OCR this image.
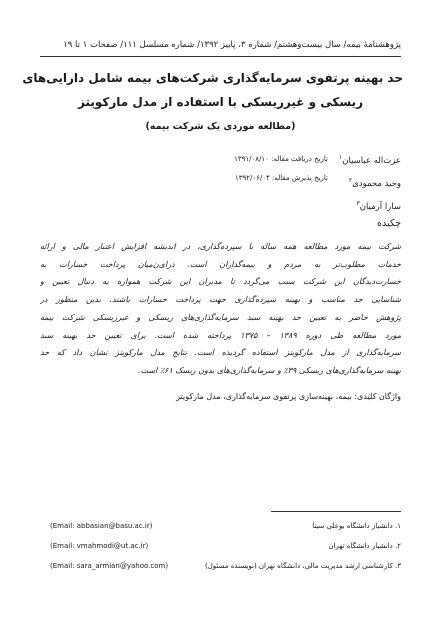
پژوهشنامهٔ بیمه/ سال بیست‌وهشتم/ شماره ۳، پاییز ۱۳۹۲/ شماره مسلسل ۱۱۱/ صفحات ۱ تا ۱۹
حد بهینه پرتفوی سرمایه‌گذاری شرکت‌های بیمه شامل دارایی‌های
ریسکی و غیرریسکی با استفاده از مدل مارکویتز
(مطالعه موردی یک شرکت بیمه)
عزت‌اله عباسیان$^۱$
وحید محمودی$^۲$
سارا آرمیان$^۳$
تاریخ دریافت مقاله: ۱۳۹۱/۰۸/۱۰
تاریخ پذیرش مقاله: ۱۳۹۲/۰۶/۰۴
چکیده
شرکت بیمه مورد مطالعه همه ساله با سپرده‌گذاری، در اندیشه افزایش اعتبار مالی و ارائه
خدمات مطلوب‌تر به مردم و بیمه‌گذاران است. درای‌ن‌میان پرداخت خسارات به
خسارت‌دیدگان این شرکت سبب می‌گردد تا مدیران این شرکت همواره به دنبال تعیین و
شناسایی حد مناسب و بهینه سپرده‌گذاری جهت پرداخت خسارات باشند. بدین منظور در
پژوهش حاضر به تعیین حد بهینه سبد سرمایه‌گذاری‌های ریسکی و غیرریسکی شرکت بیمه
مورد مطالعه طی دوره ۱۳۸۹ – ۱۳۷۵ پرداخته شده است. برای تعیین حد بهینه سبد
سرمایه‌گذاری از مدل مارکویتز استفاده گردیده است. نتایج مدل مارکویتز نشان داد که حد
بهینه سرمایه‌گذاری‌های ریسکی ۳۹٪ و سرمایه‌گذاری‌های بدون ریسک ۶۱٪ است.
واژگان کلیدی: بیمه، بهینه‌سازی پرتفوی سرمایه‌گذاری، مدل مارکویتز
۱. دانشیار دانشگاه بوعلی سینا
۲. دانشیار دانشگاه تهران
۳. کارشناسی ارشد مدیریت مالی، دانشگاه تهران (نویسنده مسئول)
(Email: abbasian@basu.ac.ir)
(Email: vmahmodi@ut.ac.ir)
(Email: sara_armian@yahoo.com)
